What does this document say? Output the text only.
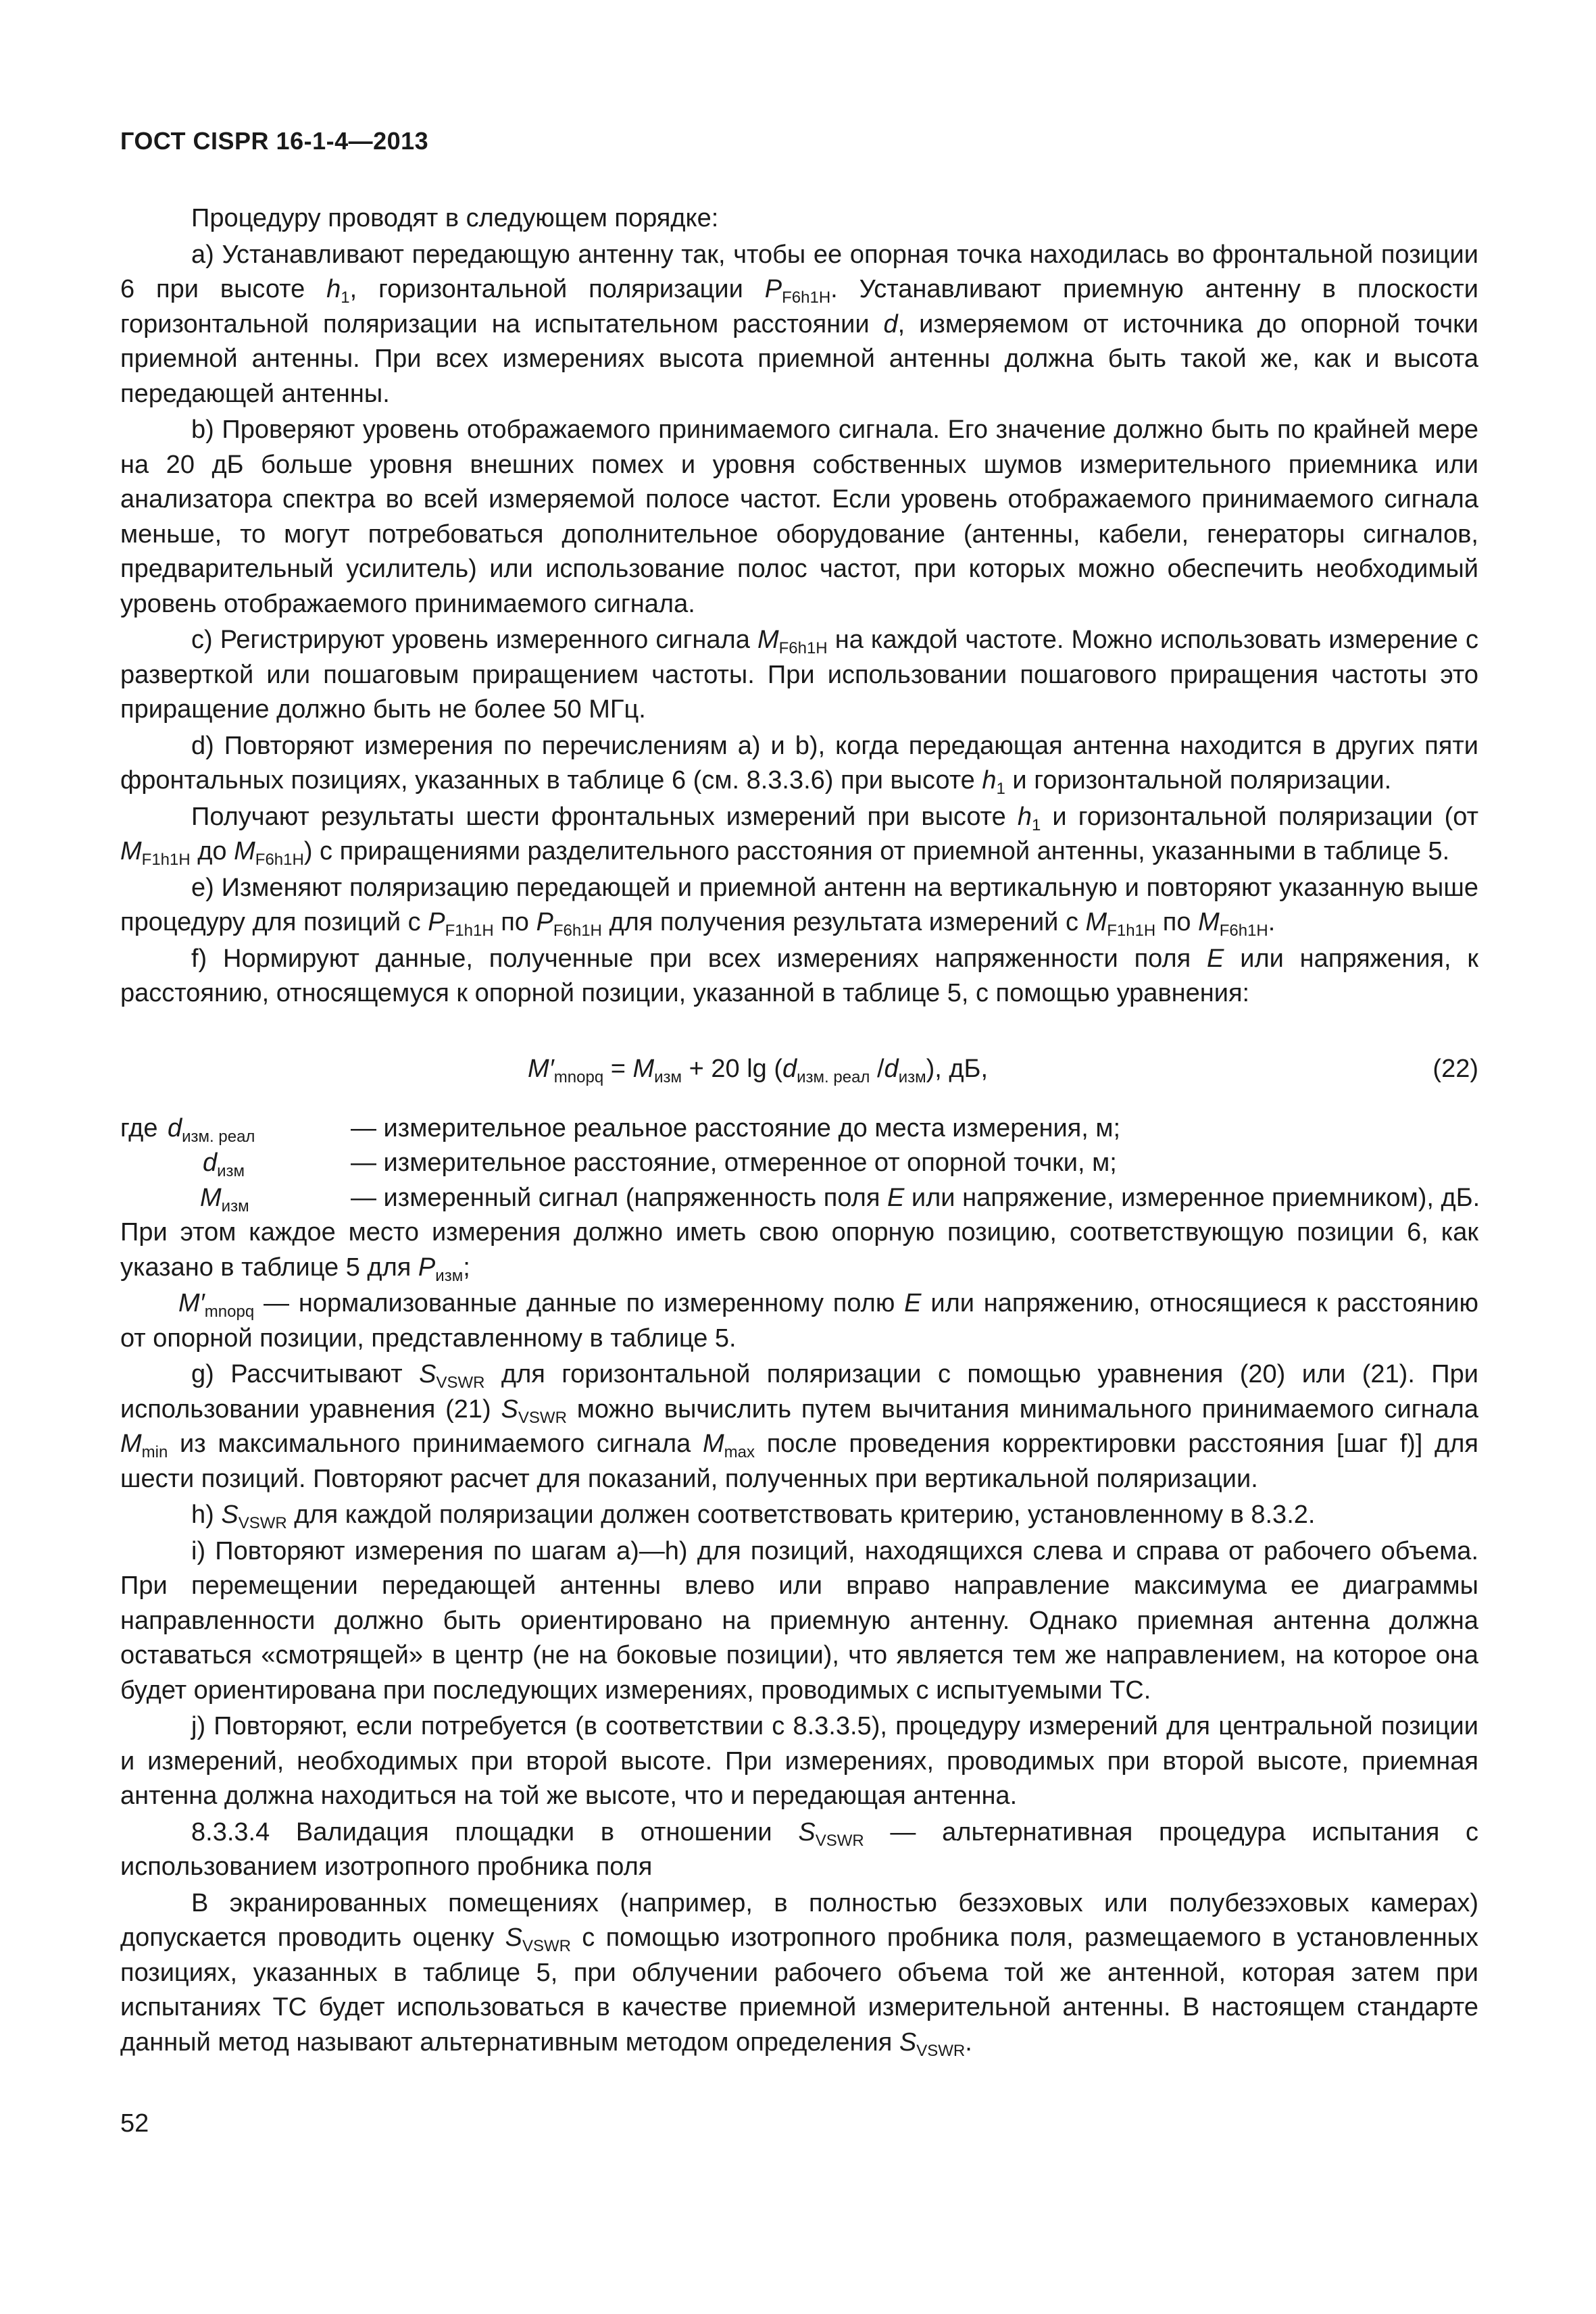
ГОСТ CISPR 16-1-4—2013

Процедуру проводят в следующем порядке:

а) Устанавливают передающую антенну так, чтобы ее опорная точка находилась во фронтальной позиции 6 при высоте $h_1$, горизонтальной поляризации $P_{F6h1H}$. Устанавливают приемную антенну в плоскости горизонтальной поляризации на испытательном расстоянии d, измеряемом от источника до опорной точки приемной антенны. При всех измерениях высота приемной антенны должна быть такой же, как и высота передающей антенны.

b) Проверяют уровень отображаемого принимаемого сигнала. Его значение должно быть по крайней мере на 20 дБ больше уровня внешних помех и уровня собственных шумов измерительного приемника или анализатора спектра во всей измеряемой полосе частот. Если уровень отображаемого принимаемого сигнала меньше, то могут потребоваться дополнительное оборудование (антенны, кабели, генераторы сигналов, предварительный усилитель) или использование полос частот, при которых можно обеспечить необходимый уровень отображаемого принимаемого сигнала.

с) Регистрируют уровень измеренного сигнала $M_{F6h1H}$ на каждой частоте. Можно использовать измерение с разверткой или пошаговым приращением частоты. При использовании пошагового приращения частоты это приращение должно быть не более 50 МГц.

d) Повторяют измерения по перечислениям а) и b), когда передающая антенна находится в других пяти фронтальных позициях, указанных в таблице 6 (см. 8.3.3.6) при высоте $h_1$ и горизонтальной поляризации.

Получают результаты шести фронтальных измерений при высоте $h_1$ и горизонтальной поляризации (от $M_{F1h1H}$ до $M_{F6h1H}$) с приращениями разделительного расстояния от приемной антенны, указанными в таблице 5.

е) Изменяют поляризацию передающей и приемной антенн на вертикальную и повторяют указанную выше процедуру для позиций с $P_{F1h1H}$ по $P_{F6h1H}$ для получения результата измерений с $M_{F1h1H}$ по $M_{F6h1H}$.

f) Нормируют данные, полученные при всех измерениях напряженности поля E или напряжения, к расстоянию, относящемуся к опорной позиции, указанной в таблице 5, с помощью уравнения:

$M'_{mnopq} = M_{изм} + 20$ $\lg (d_{изм. реал}$ $/d_{изм}$), дБ,	(22)
где $d_{изм. реал}$	— измерительное реальное расстояние до места измерения, м;
$d_{изм}$	— измерительное расстояние, отмеренное от опорной точки, м;
$M_{изм}$	— измеренный сигнал (напряженность поля E или напряжение, измеренное приемником), дБ.

При этом каждое место измерения должно иметь свою опорную позицию, соответствующую позиции 6, как указано в таблице 5 для $P_{изм}$;

$M'_{mnopq}$ — нормализованные данные по измеренному полю E или напряжению, относящиеся к расстоянию от опорной позиции, представленному в таблице 5.

g) Рассчитывают $S_{VSWR}$ для горизонтальной поляризации с помощью уравнения (20) или (21). При использовании уравнения (21) $S_{VSWR}$ можно вычислить путем вычитания минимального принимаемого сигнала $M_{min}$ из максимального принимаемого сигнала $M_{max}$ после проведения корректировки расстояния [шаг f)] для шести позиций. Повторяют расчет для показаний, полученных при вертикальной поляризации.

h) $S_{VSWR}$ для каждой поляризации должен соответствовать критерию, установленному в 8.3.2.

i) Повторяют измерения по шагам а)—h) для позиций, находящихся слева и справа от рабочего объема. При перемещении передающей антенны влево или вправо направление максимума ее диаграммы направленности должно быть ориентировано на приемную антенну. Однако приемная антенна должна оставаться «смотрящей» в центр (не на боковые позиции), что является тем же направлением, на которое она будет ориентирована при последующих измерениях, проводимых с испытуемыми ТС.

j) Повторяют, если потребуется (в соответствии с 8.3.3.5), процедуру измерений для центральной позиции и измерений, необходимых при второй высоте. При измерениях, проводимых при второй высоте, приемная антенна должна находиться на той же высоте, что и передающая антенна.

8.3.3.4 Валидация площадки в отношении $S_{VSWR}$ — альтернативная процедура испытания с использованием изотропного пробника поля

В экранированных помещениях (например, в полностью безэховых или полубезэховых камерах) допускается проводить оценку $S_{VSWR}$ с помощью изотропного пробника поля, размещаемого в установленных позициях, указанных в таблице 5, при облучении рабочего объема той же антенной, которая затем при испытаниях ТС будет использоваться в качестве приемной измерительной антенны. В настоящем стандарте данный метод называют альтернативным методом определения $S_{VSWR}$.

52
